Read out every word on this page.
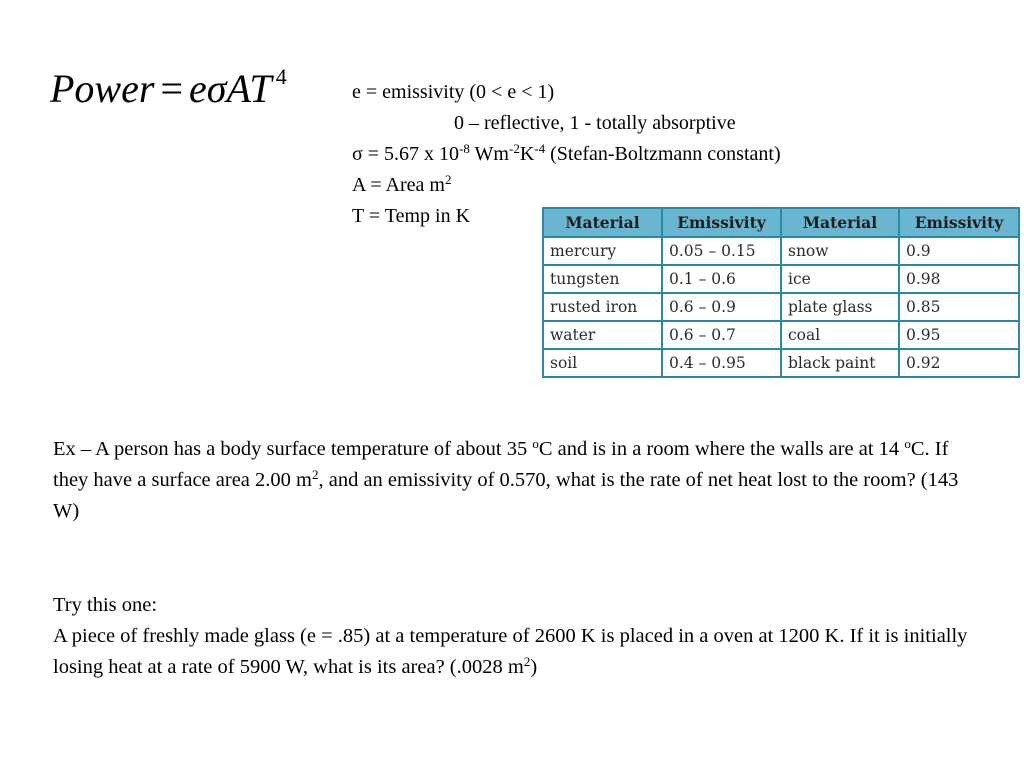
Power = eσAT $^4$
e = emissivity (0 < e < 1)
0 – reflective, 1 - totally absorptive
σ = 5.67 x $10^{-8}$ $Wm^{-2}K^{-4}$ (Stefan-Boltzmann constant)
A = Area $m^2$
T = Temp in K	Material	Emissivity	Material	Emissivity
mercury	0.05 – 0.15	snow	0.9
tungsten	0.1 – 0.6	ice	0.98
rusted iron	0.6 – 0.9	plate glass	0.85
water	0.6 – 0.7	coal	0.95
soil	0.4 – 0.95	black paint	0.92
Ex – A person has a body surface temperature of about 35 $^o$C and is in a room where the walls are at 14 $^o$C. If they have a surface area 2.00 $m^2$, and an emissivity of 0.570, what is the rate of net heat lost to the room? (143 W)
Try this one:
A piece of freshly made glass (e = .85) at a temperature of 2600 K is placed in a oven at 1200 K. If it is initially losing heat at a rate of 5900 W, what is its area? (.0028 $m^2$)
